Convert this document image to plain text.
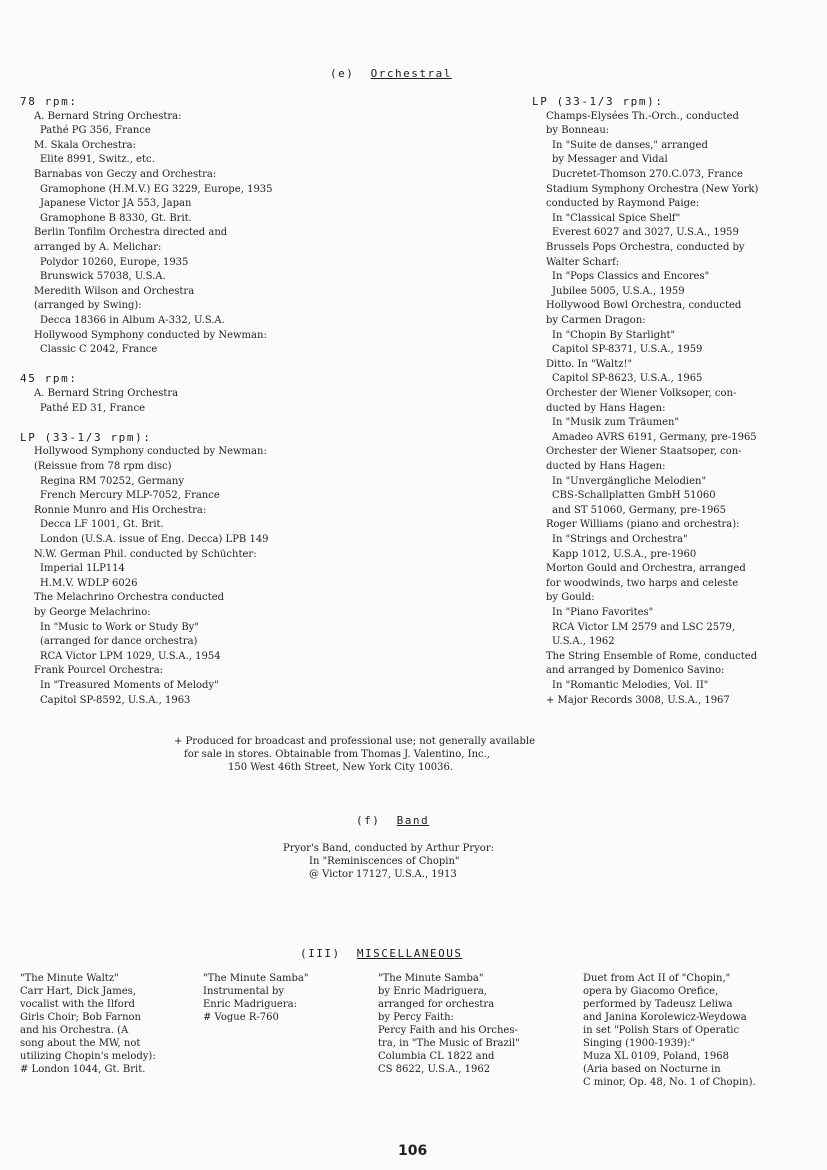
(e) Orchestral
78 rpm:
A. Bernard String Orchestra:
Pathé PG 356, France
M. Skala Orchestra:
Elite 8991, Switz., etc.
Barnabas von Geczy and Orchestra:
Gramophone (H.M.V.) EG 3229, Europe, 1935
Japanese Victor JA 553, Japan
Gramophone B 8330, Gt. Brit.
Berlin Tonfilm Orchestra directed and
arranged by A. Melichar:
Polydor 10260, Europe, 1935
Brunswick 57038, U.S.A.
Meredith Wilson and Orchestra
(arranged by Swing):
Decca 18366 in Album A-332, U.S.A.
Hollywood Symphony conducted by Newman:
Classic C 2042, France
45 rpm:
A. Bernard String Orchestra
Pathé ED 31, France
LP (33-1/3 rpm):
Hollywood Symphony conducted by Newman:
(Reissue from 78 rpm disc)
Regina RM 70252, Germany
French Mercury MLP-7052, France
Ronnie Munro and His Orchestra:
Decca LF 1001, Gt. Brit.
London (U.S.A. issue of Eng. Decca) LPB 149
N.W. German Phil. conducted by Schüchter:
Imperial 1LP114
H.M.V. WDLP 6026
The Melachrino Orchestra conducted
by George Melachrino:
In "Music to Work or Study By"
(arranged for dance orchestra)
RCA Victor LPM 1029, U.S.A., 1954
Frank Pourcel Orchestra:
In "Treasured Moments of Melody"
Capitol SP-8592, U.S.A., 1963
LP (33-1/3 rpm):
Champs-Elysées Th.-Orch., conducted
by Bonneau:
In "Suite de danses," arranged
by Messager and Vidal
Ducretet-Thomson 270.C.073, France
Stadium Symphony Orchestra (New York)
conducted by Raymond Paige:
In "Classical Spice Shelf"
Everest 6027 and 3027, U.S.A., 1959
Brussels Pops Orchestra, conducted by
Walter Scharf:
In "Pops Classics and Encores"
Jubilee 5005, U.S.A., 1959
Hollywood Bowl Orchestra, conducted
by Carmen Dragon:
In "Chopin By Starlight"
Capitol SP-8371, U.S.A., 1959
Ditto. In "Waltz!"
Capitol SP-8623, U.S.A., 1965
Orchester der Wiener Volksoper, con-
ducted by Hans Hagen:
In "Musik zum Träumen"
Amadeo AVRS 6191, Germany, pre-1965
Orchester der Wiener Staatsoper, con-
ducted by Hans Hagen:
In "Unvergängliche Melodien"
CBS-Schallplatten GmbH 51060
and ST 51060, Germany, pre-1965
Roger Williams (piano and orchestra):
In "Strings and Orchestra"
Kapp 1012, U.S.A., pre-1960
Morton Gould and Orchestra, arranged
for woodwinds, two harps and celeste
by Gould:
In "Piano Favorites"
RCA Victor LM 2579 and LSC 2579,
U.S.A., 1962
The String Ensemble of Rome, conducted
and arranged by Domenico Savino:
In "Romantic Melodies, Vol. II"
+ Major Records 3008, U.S.A., 1967
+ Produced for broadcast and professional use; not generally available
for sale in stores. Obtainable from Thomas J. Valentino, Inc.,
150 West 46th Street, New York City 10036.
(f) Band
Pryor's Band, conducted by Arthur Pryor:
In "Reminiscences of Chopin"
@ Victor 17127, U.S.A., 1913
(III) MISCELLANEOUS
"The Minute Waltz"
Carr Hart, Dick James,
vocalist with the Ilford
Girls Choir; Bob Farnon
and his Orchestra. (A
song about the MW, not
utilizing Chopin's melody):
# London 1044, Gt. Brit.
"The Minute Samba"
Instrumental by
Enric Madriguera:
# Vogue R-760
"The Minute Samba"
by Enric Madriguera,
arranged for orchestra
by Percy Faith:
Percy Faith and his Orches-
tra, in "The Music of Brazil"
Columbia CL 1822 and
CS 8622, U.S.A., 1962
Duet from Act II of "Chopin,"
opera by Giacomo Orefice,
performed by Tadeusz Leliwa
and Janina Korolewicz-Weydowa
in set "Polish Stars of Operatic
Singing (1900-1939):"
Muza XL 0109, Poland, 1968
(Aria based on Nocturne in
C minor, Op. 48, No. 1 of Chopin).
106
